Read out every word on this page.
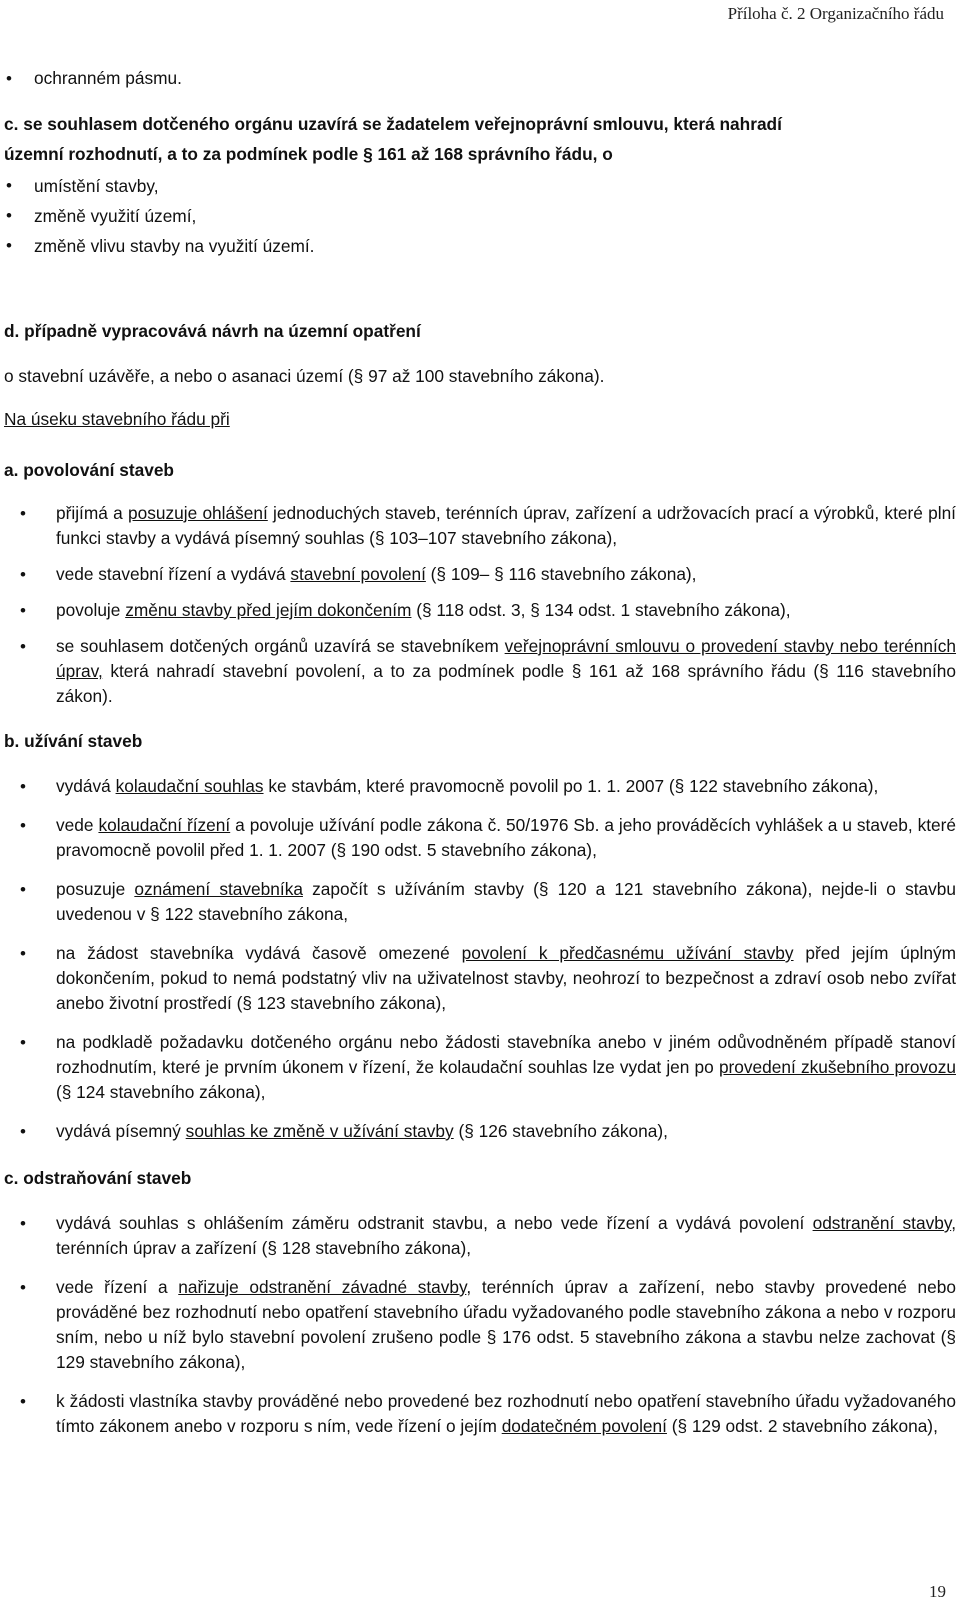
Příloha č. 2 Organizačního řádu
• ochranném pásmu.

c. se souhlasem dotčeného orgánu uzavírá se žadatelem veřejnoprávní smlouvu, která nahradí
územní rozhodnutí, a to za podmínek podle § 161 až 168 správního řádu, o

• umístění stavby,
• změně využití území,
• změně vlivu stavby na využití území.

d. případně vypracovává návrh na územní opatření

o stavební uzávěře, a nebo o asanaci území (§ 97 až 100 stavebního zákona).

Na úseku stavebního řádu při

a. povolování staveb

• přijímá a posuzuje ohlášení jednoduchých staveb, terénních úprav, zařízení a udržovacích prací a výrobků, které plní funkci stavby a vydává písemný souhlas (§ 103–107 stavebního zákona),
• vede stavební řízení a vydává stavební povolení (§ 109– § 116 stavebního zákona),
• povoluje změnu stavby před jejím dokončením (§ 118 odst. 3, § 134 odst. 1 stavebního zákona),
• se souhlasem dotčených orgánů uzavírá se stavebníkem veřejnoprávní smlouvu o provedení stavby nebo terénních úprav, která nahradí stavební povolení, a to za podmínek podle § 161 až 168 správního řádu (§ 116 stavebního zákon).

b. užívání staveb

• vydává kolaudační souhlas ke stavbám, které pravomocně povolil po 1. 1. 2007 (§ 122 stavebního zákona),
• vede kolaudační řízení a povoluje užívání podle zákona č. 50/1976 Sb. a jeho prováděcích vyhlášek a u staveb, které pravomocně povolil před 1. 1. 2007 (§ 190 odst. 5 stavebního zákona),
• posuzuje oznámení stavebníka započít s užíváním stavby (§ 120 a 121 stavebního zákona), nejde-li o stavbu uvedenou v § 122 stavebního zákona,
• na žádost stavebníka vydává časově omezené povolení k předčasnému užívání stavby před jejím úplným dokončením, pokud to nemá podstatný vliv na uživatelnost stavby, neohrozí to bezpečnost a zdraví osob nebo zvířat anebo životní prostředí (§ 123 stavebního zákona),
• na podkladě požadavku dotčeného orgánu nebo žádosti stavebníka anebo v jiném odůvodněném případě stanoví rozhodnutím, které je prvním úkonem v řízení, že kolaudační souhlas lze vydat jen po provedení zkušebního provozu (§ 124 stavebního zákona),
• vydává písemný souhlas ke změně v užívání stavby (§ 126 stavebního zákona),

c. odstraňování staveb

• vydává souhlas s ohlášením záměru odstranit stavbu, a nebo vede řízení a vydává povolení odstranění stavby, terénních úprav a zařízení (§ 128 stavebního zákona),
• vede řízení a nařizuje odstranění závadné stavby, terénních úprav a zařízení, nebo stavby provedené nebo prováděné bez rozhodnutí nebo opatření stavebního úřadu vyžadovaného podle stavebního zákona a nebo v rozporu sním, nebo u níž bylo stavební povolení zrušeno podle § 176 odst. 5 stavebního zákona a stavbu nelze zachovat (§ 129 stavebního zákona),
• k žádosti vlastníka stavby prováděné nebo provedené bez rozhodnutí nebo opatření stavebního úřadu vyžadovaného tímto zákonem anebo v rozporu s ním, vede řízení o jejím dodatečném povolení (§ 129 odst. 2 stavebního zákona),
19
